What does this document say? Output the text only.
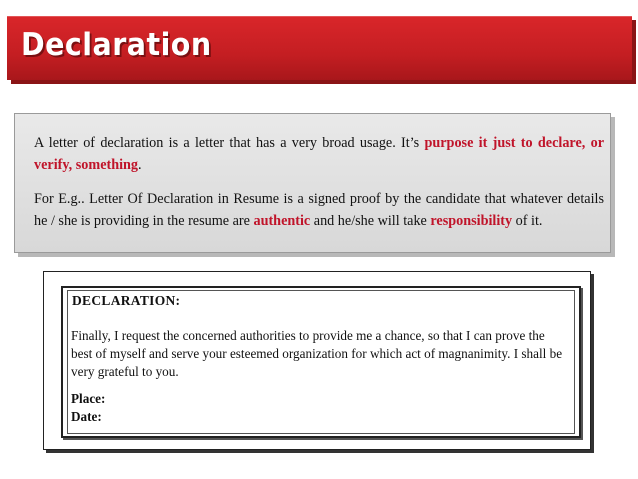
Declaration

A letter of declaration is a letter that has a very broad usage. It’s purpose it just to declare, or verify, something.

For E.g.. Letter Of Declaration in Resume is a signed proof by the candidate that whatever details he / she is providing in the resume are authentic and he/she will take responsibility of it.

DECLARATION:
Finally, I request the concerned authorities to provide me a chance, so that I can prove the best of myself and serve your esteemed organization for which act of magnanimity. I shall be very grateful to you.
Place:
Date:
